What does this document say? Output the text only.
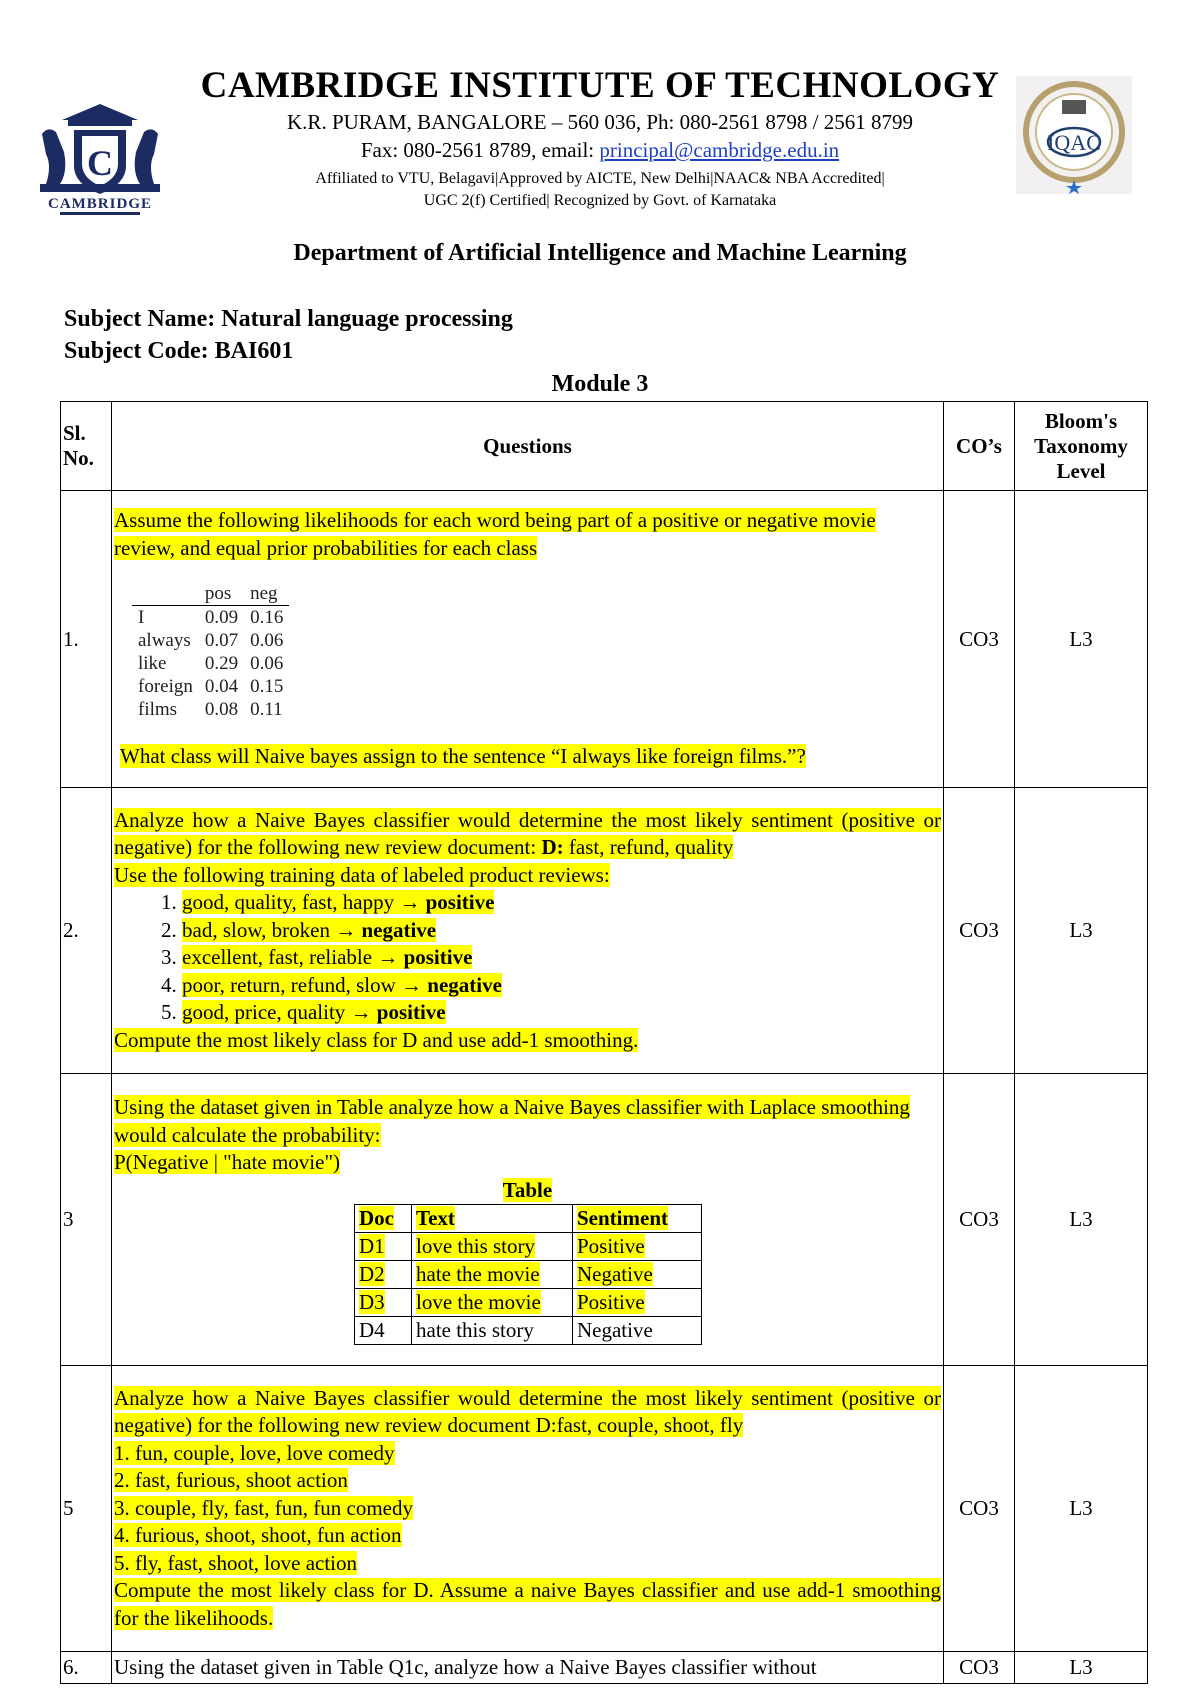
C
CAMBRIDGE
IQAC
CAMBRIDGE INSTITUTE OF TECHNOLOGY
K.R. PURAM, BANGALORE – 560 036, Ph: 080-2561 8798 / 2561 8799
Fax: 080-2561 8789, email: principal@cambridge.edu.in
Affiliated to VTU, Belagavi|Approved by AICTE, New Delhi|NAAC& NBA Accredited|
UGC 2(f) Certified| Recognized by Govt. of Karnataka
Department of Artificial Intelligence and Machine Learning
Subject Name: Natural language processing
Subject Code: BAI601
Module 3
Sl. No.	Questions	CO’s	Bloom's Taxonomy Level
1.	Assume the following likelihoods for each word being part of a positive or negative movie review, and equal prior probabilities for each class
	pos	neg
I	0.09	0.16
always	0.07	0.06
like	0.29	0.06
foreign	0.04	0.15
films	0.08	0.11
What class will Naive bayes assign to the sentence “I always like foreign films.”?
	CO3	L3
2.	Analyze how a Naive Bayes classifier would determine the most likely sentiment (positive or negative) for the following new review document: D: fast, refund, quality
Use the following training data of labeled product reviews:
1. good, quality, fast, happy → positive
2. bad, slow, broken → negative
3. excellent, fast, reliable → positive
4. poor, return, refund, slow → negative
5. good, price, quality → positive
Compute the most likely class for D and use add-1 smoothing.	CO3	L3
3	Using the dataset given in Table analyze how a Naive Bayes classifier with Laplace smoothing would calculate the probability:
P(Negative | "hate movie")
Table
Doc	Text	Sentiment
D1	love this story	Positive
D2	hate the movie	Negative
D3	love the movie	Positive
D4	hate this story	Negative
	CO3	L3
5	Analyze how a Naive Bayes classifier would determine the most likely sentiment (positive or negative) for the following new review document D:fast, couple, shoot, fly
1. fun, couple, love, love comedy
2. fast, furious, shoot action
3. couple, fly, fast, fun, fun comedy
4. furious, shoot, shoot, fun action
5. fly, fast, shoot, love action
Compute the most likely class for D. Assume a naive Bayes classifier and use add-1 smoothing for the likelihoods.	CO3	L3
6.	Using the dataset given in Table Q1c, analyze how a Naive Bayes classifier without	CO3	L3
